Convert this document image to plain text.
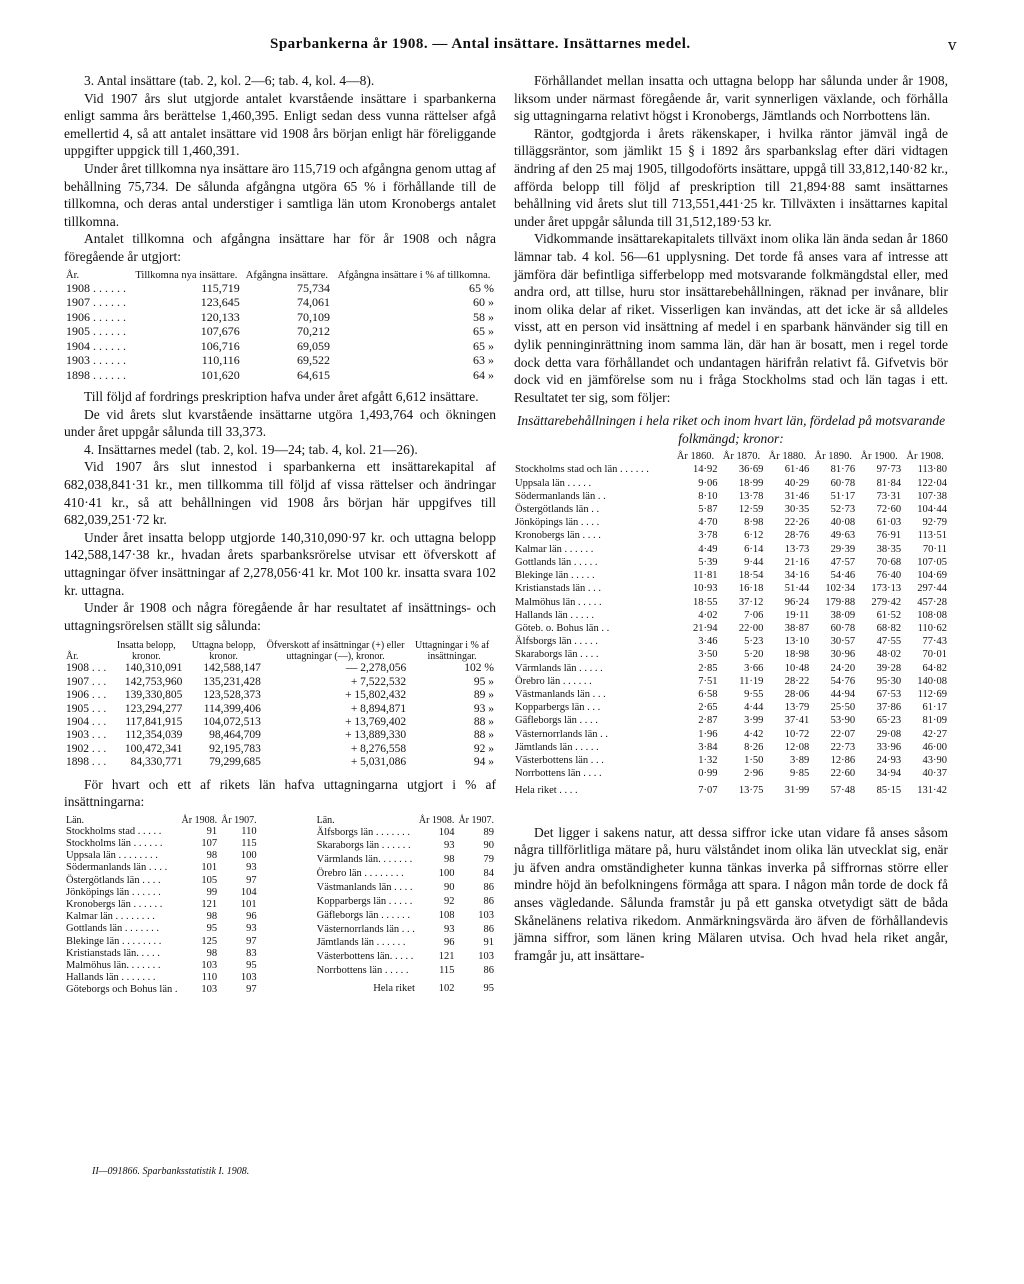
Sparbankerna år 1908. — Antal insättare. Insättarnes medel.	v

3. Antal insättare (tab. 2, kol. 2—6; tab. 4, kol. 4—8).

Vid 1907 års slut utgjorde antalet kvarstående insättare i sparbankerna enligt samma års berättelse 1,460,395. Enligt sedan dess vunna rättelser afgå emellertid 4, så att antalet insättare vid 1908 års början enligt här föreliggande uppgifter uppgick till 1,460,391.

Under året tillkomna nya insättare äro 115,719 och afgångna genom uttag af behållning 75,734. De sålunda afgångna utgöra 65 % i förhållande till de tillkomna, och deras antal understiger i samtliga län utom Kronobergs antalet tillkomna.

Antalet tillkomna och afgångna insättare har för år 1908 och några föregående år utgjort:

År.	Tillkomna nya insättare.	Afgångna insättare.	Afgångna insättare i % af tillkomna.
1908 . . . . . .	115,719	75,734	65 %
1907 . . . . . .	123,645	74,061	60 »
1906 . . . . . .	120,133	70,109	58 »
1905 . . . . . .	107,676	70,212	65 »
1904 . . . . . .	106,716	69,059	65 »
1903 . . . . . .	110,116	69,522	63 »
1898 . . . . . .	101,620	64,615	64 »

Till följd af fordrings preskription hafva under året afgått 6,612 insättare.

De vid årets slut kvarstående insättarne utgöra 1,493,764 och ökningen under året uppgår sålunda till 33,373.

4. Insättarnes medel (tab. 2, kol. 19—24; tab. 4, kol. 21—26).

Vid 1907 års slut innestod i sparbankerna ett insättarekapital af 682,038,841·31 kr., men tillkomma till följd af vissa rättelser och ändringar 410·41 kr., så att behållningen vid 1908 års början här uppgifves till 682,039,251·72 kr.

Under året insatta belopp utgjorde 140,310,090·97 kr. och uttagna belopp 142,588,147·38 kr., hvadan årets sparbanksrörelse utvisar ett öfverskott af uttagningar öfver insättningar af 2,278,056·41 kr. Mot 100 kr. insatta svara 102 kr. uttagna.

Under år 1908 och några föregående år har resultatet af insättnings- och uttagningsrörelsen ställt sig sålunda:

År.	Insatta belopp, kronor.	Uttagna belopp, kronor.	Öfverskott af insättningar (+) eller uttagningar (—), kronor.	Uttagningar i % af insättningar.
1908 . . .	140,310,091	142,588,147	— 2,278,056	102 %
1907 . . .	142,753,960	135,231,428	+ 7,522,532	95 »
1906 . . .	139,330,805	123,528,373	+ 15,802,432	89 »
1905 . . .	123,294,277	114,399,406	+ 8,894,871	93 »
1904 . . .	117,841,915	104,072,513	+ 13,769,402	88 »
1903 . . .	112,354,039	98,464,709	+ 13,889,330	88 »
1902 . . .	100,472,341	92,195,783	+ 8,276,558	92 »
1898 . . .	84,330,771	79,299,685	+ 5,031,086	94 »

För hvart och ett af rikets län hafva uttagningarna utgjort i % af insättningarna:

Län.	År 1908.	År 1907.
Stockholms stad . . . . .	91	110
Stockholms län . . . . . .	107	115
Uppsala län . . . . . . . .	98	100
Södermanlands län . . . .	101	93
Östergötlands län . . . .	105	97
Jönköpings län . . . . . .	99	104
Kronobergs län . . . . . .	121	101
Kalmar län . . . . . . . .	98	96
Gottlands län . . . . . . .	95	93
Blekinge län . . . . . . . .	125	97
Kristianstads län. . . . .	98	83
Malmöhus län. . . . . . .	103	95
Hallands län . . . . . . .	110	103
Göteborgs och Bohus län .	103	97
Län.	År 1908.	År 1907.
Älfsborgs län . . . . . . .	104	89
Skaraborgs län . . . . . .	93	90
Värmlands län. . . . . . .	98	79
Örebro län . . . . . . . .	100	84
Västmanlands län . . . .	90	86
Kopparbergs län . . . . .	92	86
Gäfleborgs län . . . . . .	108	103
Västernorrlands län . . .	93	86
Jämtlands län . . . . . .	96	91
Västerbottens län. . . . .	121	103
Norrbottens län . . . . .	115	86
Hela riket	102	95

Förhållandet mellan insatta och uttagna belopp har sålunda under år 1908, liksom under närmast föregående år, varit synnerligen växlande, och förhålla sig uttagningarna relativt högst i Kronobergs, Jämtlands och Norrbottens län.

Räntor, godtgjorda i årets räkenskaper, i hvilka räntor jämväl ingå de tilläggsräntor, som jämlikt 15 § i 1892 års sparbankslag efter däri vidtagen ändring af den 25 maj 1905, tillgodoförts insättare, uppgå till 33,812,140·82 kr., afförda belopp till följd af preskription till 21,894·88 samt insättarnes behållning vid årets slut till 713,551,441·25 kr. Tillväxten i insättarnes kapital under året uppgår sålunda till 31,512,189·53 kr.

Vidkommande insättarekapitalets tillväxt inom olika län ända sedan år 1860 lämnar tab. 4 kol. 56—61 upplysning. Det torde få anses vara af intresse att jämföra där befintliga sifferbelopp med motsvarande folkmängdstal eller, med andra ord, att tillse, huru stor insättarebehållningen, räknad per invånare, blir inom olika delar af riket. Visserligen kan invändas, att det icke är så alldeles visst, att en person vid insättning af medel i en sparbank hänvänder sig till en dylik penninginrättning inom samma län, där han är bosatt, men i regel torde dock detta vara förhållandet och undantagen härifrån relativt få. Gifvetvis bör dock vid en jämförelse som nu i fråga Stockholms stad och län tagas i ett. Resultatet ter sig, som följer:

Insättarebehållningen i hela riket och inom hvart län, fördelad på motsvarande folkmängd; kronor:

	År 1860.	År 1870.	År 1880.	År 1890.	År 1900.	År 1908.
Stockholms stad och län . . . . . .	14·92	36·69	61·46	81·76	97·73	113·80
Uppsala län . . . . .	9·06	18·99	40·29	60·78	81·84	122·04
Södermanlands län . .	8·10	13·78	31·46	51·17	73·31	107·38
Östergötlands län . .	5·87	12·59	30·35	52·73	72·60	104·44
Jönköpings län . . . .	4·70	8·98	22·26	40·08	61·03	92·79
Kronobergs län . . . .	3·78	6·12	28·76	49·63	76·91	113·51
Kalmar län . . . . . .	4·49	6·14	13·73	29·39	38·35	70·11
Gottlands län . . . . .	5·39	9·44	21·16	47·57	70·68	107·05
Blekinge län . . . . .	11·81	18·54	34·16	54·46	76·40	104·69
Kristianstads län . . .	10·93	16·18	51·44	102·34	173·13	297·44
Malmöhus län . . . . .	18·55	37·12	96·24	179·88	279·42	457·28
Hallands län . . . . .	4·02	7·06	19·11	38·09	61·52	108·08
Göteb. o. Bohus län . .	21·94	22·00	38·87	60·78	68·82	110·62
Älfsborgs län . . . . .	3·46	5·23	13·10	30·57	47·55	77·43
Skaraborgs län . . . .	3·50	5·20	18·98	30·96	48·02	70·01
Värmlands län . . . . .	2·85	3·66	10·48	24·20	39·28	64·82
Örebro län . . . . . .	7·51	11·19	28·22	54·76	95·30	140·08
Västmanlands län . . .	6·58	9·55	28·06	44·94	67·53	112·69
Kopparbergs län . . .	2·65	4·44	13·79	25·50	37·86	61·17
Gäfleborgs län . . . .	2·87	3·99	37·41	53·90	65·23	81·09
Västernorrlands län . .	1·96	4·42	10·72	22·07	29·08	42·27
Jämtlands län . . . . .	3·84	8·26	12·08	22·73	33·96	46·00
Västerbottens län . . .	1·32	1·50	3·89	12·86	24·93	43·90
Norrbottens län . . . .	0·99	2·96	9·85	22·60	34·94	40·37
Hela riket . . . .	7·07	13·75	31·99	57·48	85·15	131·42

Det ligger i sakens natur, att dessa siffror icke utan vidare få anses såsom några tillförlitliga mätare på, huru välståndet inom olika län utvecklat sig, enär ju äfven andra omständigheter kunna tänkas inverka på siffrornas större eller mindre höjd än befolkningens förmåga att spara. I någon mån torde de dock få anses vägledande. Sålunda framstår ju på ett ganska otvetydigt sätt de båda Skånelänens relativa rikedom. Anmärkningsvärda äro äfven de förhållandevis jämna siffror, som länen kring Mälaren utvisa. Och hvad hela riket angår, framgår ju, att insättare-

II—091866. Sparbanksstatistik I. 1908.
